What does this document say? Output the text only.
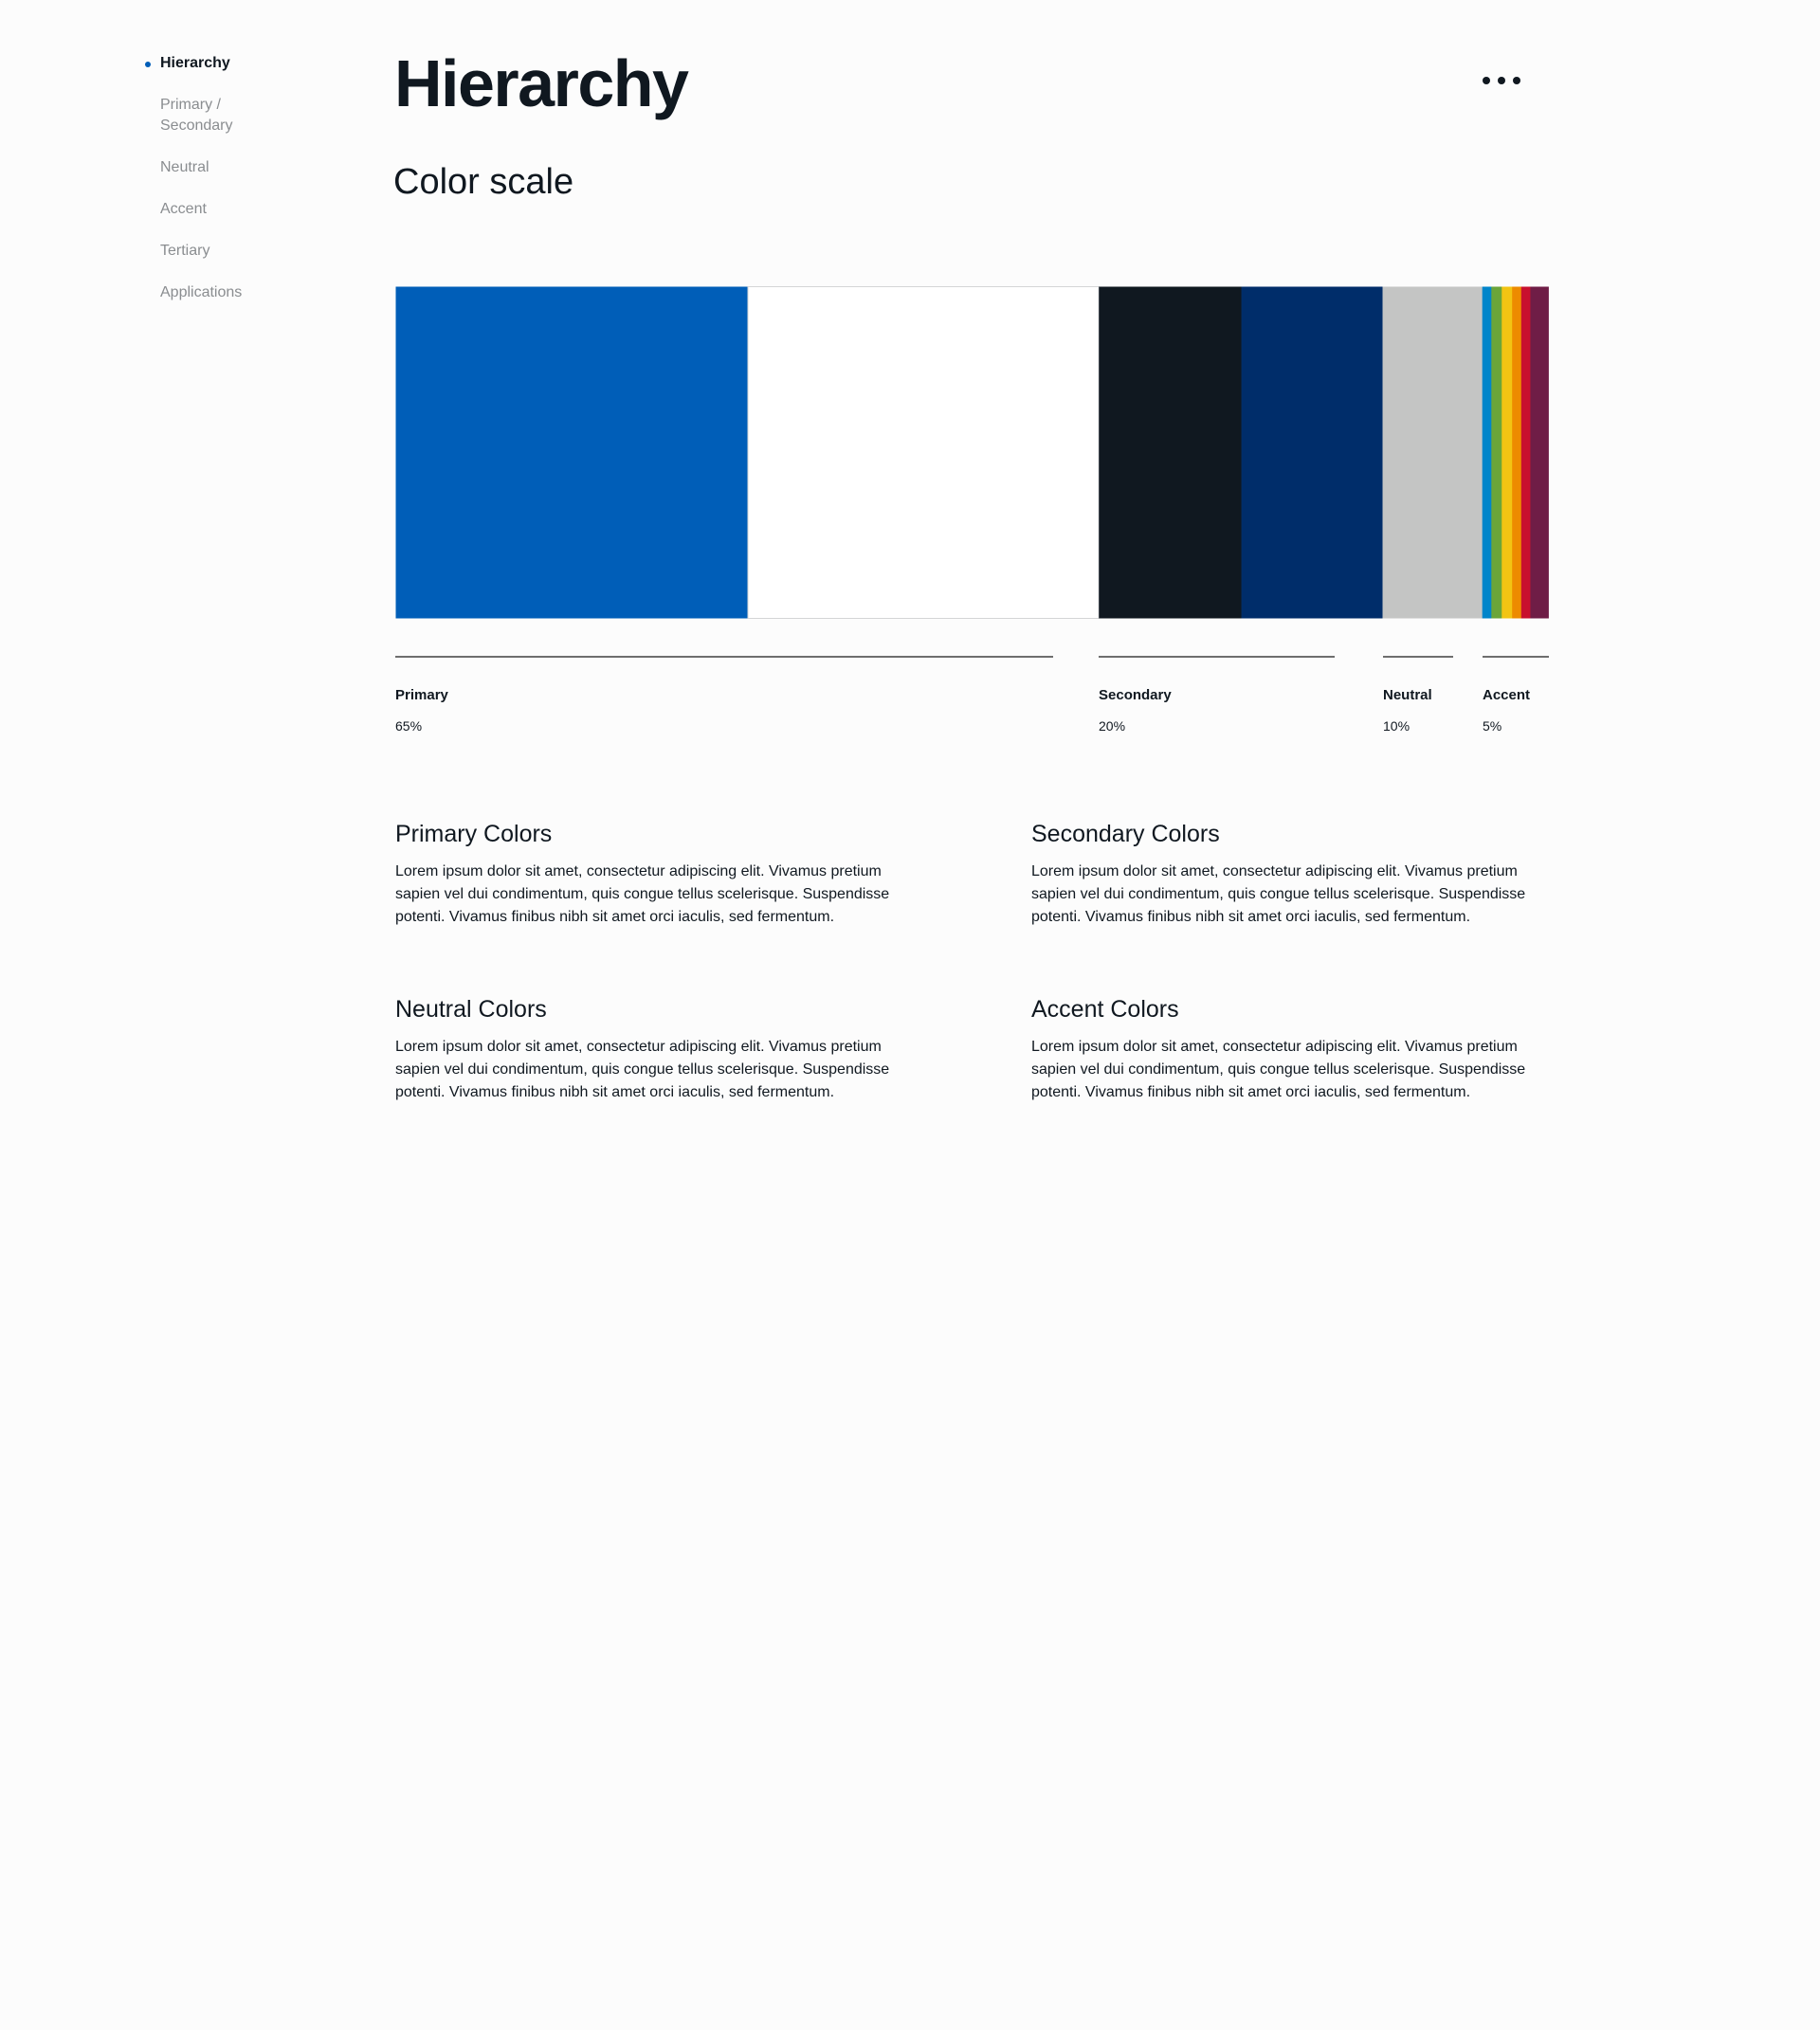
Hierarchy
Primary / Secondary
Neutral
Accent
Tertiary
Applications
Hierarchy
Color scale
Primary
65%
Secondary
20%
Neutral
10%
Accent
5%
Primary Colors

Lorem ipsum dolor sit amet, consectetur adipiscing elit. Vivamus pretium sapien vel dui condimentum, quis congue tellus scelerisque. Suspendisse potenti. Vivamus finibus nibh sit amet orci iaculis, sed fermentum.

Secondary Colors

Lorem ipsum dolor sit amet, consectetur adipiscing elit. Vivamus pretium sapien vel dui condimentum, quis congue tellus scelerisque. Suspendisse potenti. Vivamus finibus nibh sit amet orci iaculis, sed fermentum.

Neutral Colors

Lorem ipsum dolor sit amet, consectetur adipiscing elit. Vivamus pretium sapien vel dui condimentum, quis congue tellus scelerisque. Suspendisse potenti. Vivamus finibus nibh sit amet orci iaculis, sed fermentum.

Accent Colors

Lorem ipsum dolor sit amet, consectetur adipiscing elit. Vivamus pretium sapien vel dui condimentum, quis congue tellus scelerisque. Suspendisse potenti. Vivamus finibus nibh sit amet orci iaculis, sed fermentum.
